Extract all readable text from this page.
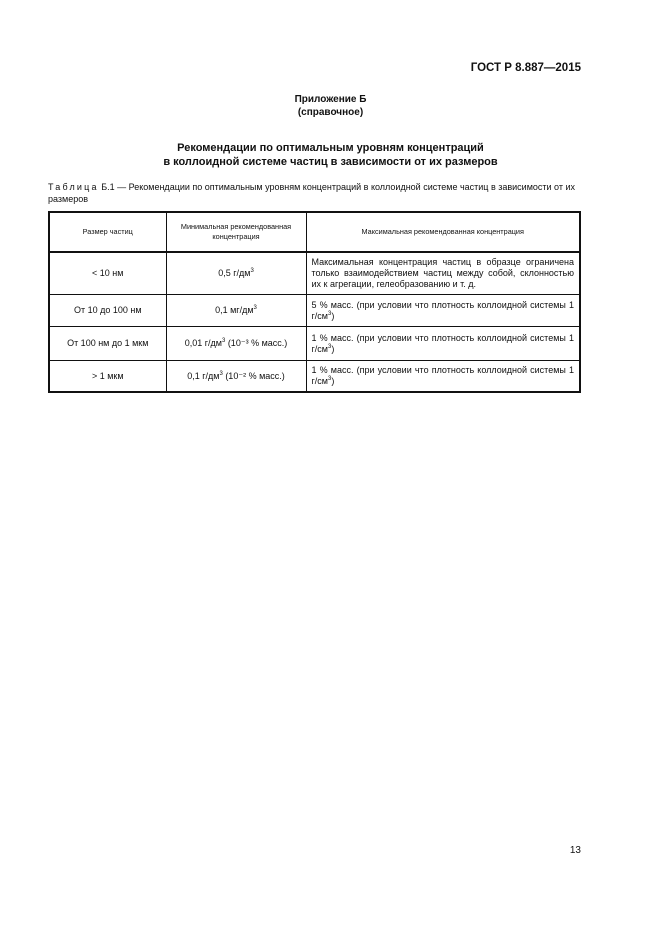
ГОСТ Р 8.887—2015
Приложение Б
(справочное)
Рекомендации по оптимальным уровням концентраций
в коллоидной системе частиц в зависимости от их размеров
Таблица Б.1 — Рекомендации по оптимальным уровням концентраций в коллоидной системе частиц в зависимости от их размеров
Размер частиц	Минимальная рекомендованная концентрация	Максимальная рекомендованная концентрация
< 10 нм	0,5 $г/дм^3$	Максимальная концентрация частиц в образце ограничена только взаимодействием частиц между собой, склонностью их к агрегации, гелеобразованию и т. д.
От 10 до 100 нм	0,1 $мг/дм^3$	5 % масс. (при условии что плотность коллоидной системы 1 $г/см^3$)
От 100 нм до 1 мкм	0,01 $г/дм^3$ (10⁻³ % масс.)	1 % масс. (при условии что плотность коллоидной системы 1 $г/см^3$)
> 1 мкм	0,1 $г/дм^3$ (10⁻² % масс.)	1 % масс. (при условии что плотность коллоидной системы 1 $г/см^3$)
13
